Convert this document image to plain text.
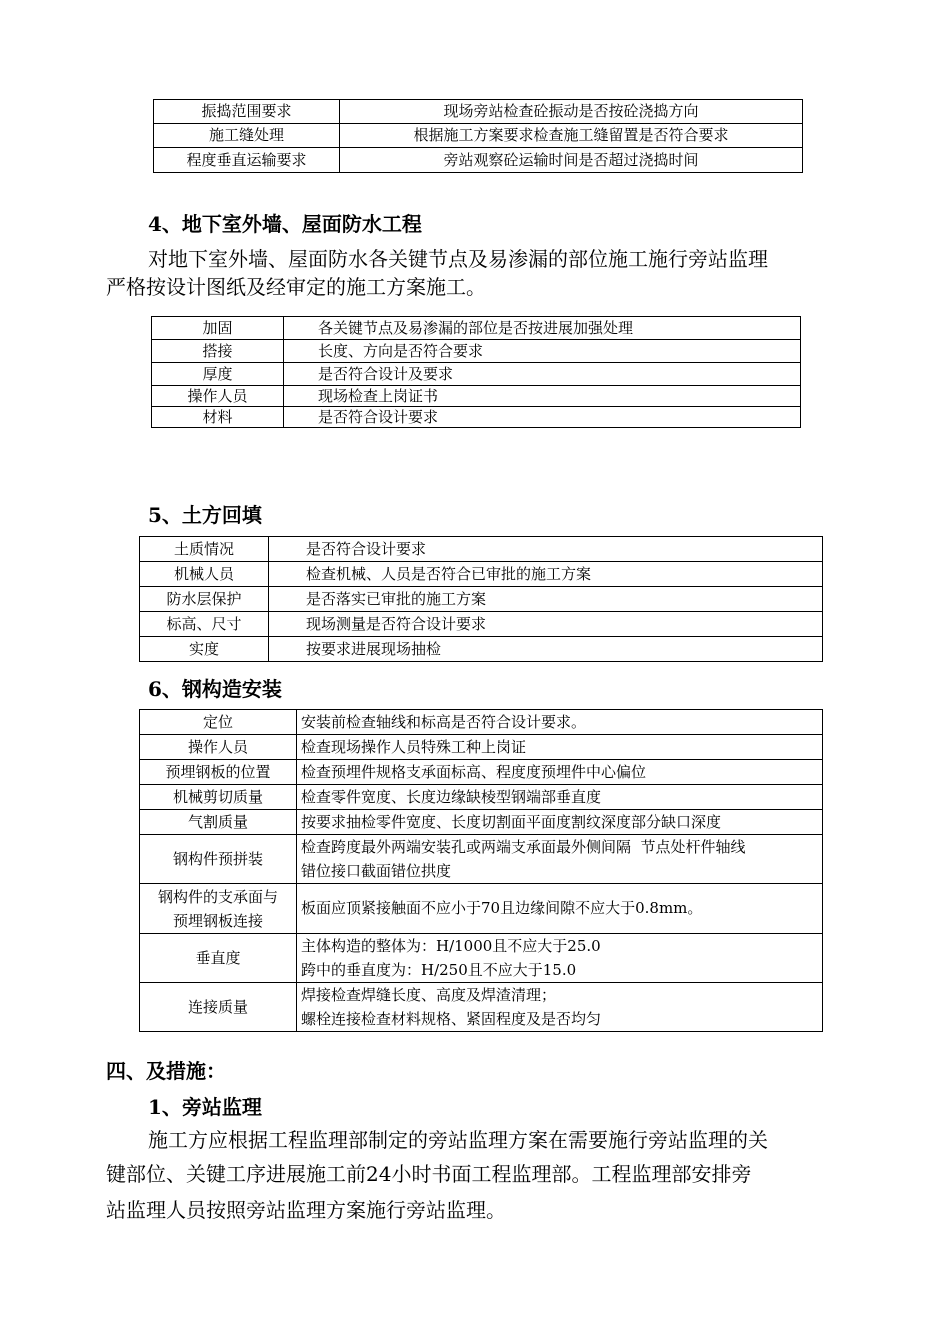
振捣范围要求	现场旁站检查砼振动是否按砼浇捣方向
施工缝处理	根据施工方案要求检查施工缝留置是否符合要求
程度垂直运输要求	旁站观察砼运输时间是否超过浇捣时间
4、地下室外墙、屋面防水工程
对地下室外墙、屋面防水各关键节点及易渗漏的部位施工施行旁站监理
严格按设计图纸及经审定的施工方案施工。
加固	各关键节点及易渗漏的部位是否按进展加强处理
搭接	长度、方向是否符合要求
厚度	是否符合设计及要求
操作人员	现场检查上岗证书
材料	是否符合设计要求
5、土方回填
土质情况	是否符合设计要求
机械人员	检查机械、人员是否符合已审批的施工方案
防水层保护	是否落实已审批的施工方案
标高、尺寸	现场测量是否符合设计要求
实度	按要求进展现场抽检
6、钢构造安装
定位	安装前检查轴线和标高是否符合设计要求。
操作人员	检查现场操作人员特殊工种上岗证
预埋钢板的位置	检查预埋件规格支承面标高、程度度预埋件中心偏位
机械剪切质量	检查零件宽度、长度边缘缺棱型钢端部垂直度
气割质量	按要求抽检零件宽度、长度切割面平面度割纹深度部分缺口深度
钢构件预拼装	检查跨度最外两端安装孔或两端支承面最外侧间隔  节点处杆件轴线
错位接口截面错位拱度

钢构件的支承面与
预埋钢板连接	板面应顶紧接触面不应小于70且边缘间隙不应大于0.8mm。
垂直度	主体构造的整体为：H/1000且不应大于25.0
跨中的垂直度为：H/250且不应大于15.0

连接质量	焊接检查焊缝长度、高度及焊渣清理；
螺栓连接检查材料规格、紧固程度及是否均匀
四、及措施：
1、旁站监理
施工方应根据工程监理部制定的旁站监理方案在需要施行旁站监理的关
键部位、关键工序进展施工前24小时书面工程监理部。工程监理部安排旁
站监理人员按照旁站监理方案施行旁站监理。
